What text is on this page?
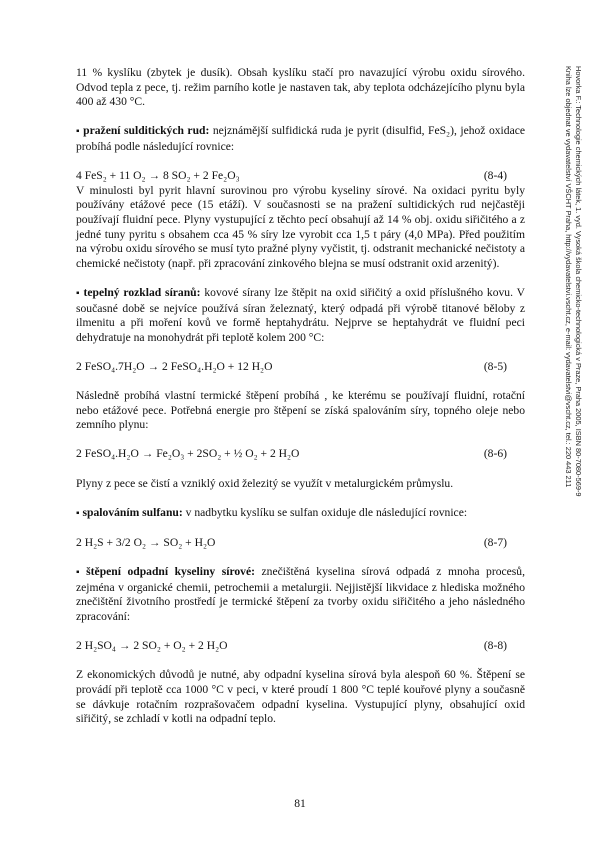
11 % kyslíku (zbytek je dusík). Obsah kyslíku stačí pro navazující výrobu oxidu sírového. Odvod tepla z pece, tj. režim parního kotle je nastaven tak, aby teplota odcházejícího plynu byla 400 až 430 °C.

▪ pražení sulditických rud: nejznámější sulfidická ruda je pyrit (disulfid, FeS₂), jehož oxidace probíhá podle následující rovnice:

4 FeS₂ + 11 O₂ → 8 SO₂ + 2 Fe₂O₃	(8-4)

V minulosti byl pyrit hlavní surovinou pro výrobu kyseliny sírové. Na oxidaci pyritu byly používány etážové pece (15 etáží). V současnosti se na pražení sultidických rud nejčastěji používají fluidní pece. Plyny vystupující z těchto pecí obsahují až 14 % obj. oxidu siřičitého a z jedné tuny pyritu s obsahem cca 45 % síry lze vyrobit cca 1,5 t páry (4,0 MPa). Před použitím na výrobu oxidu sírového se musí tyto pražné plyny vyčistit, tj. odstranit mechanické nečistoty a chemické nečistoty (např. při zpracování zinkového blejna se musí odstranit oxid arzenitý).

▪ tepelný rozklad síranů: kovové sírany lze štěpit na oxid siřičitý a oxid příslušného kovu. V současné době se nejvíce používá síran železnatý, který odpadá při výrobě titanové běloby z ilmenitu a při moření kovů ve formě heptahydrátu. Nejprve se heptahydrát ve fluidní peci dehydratuje na monohydrát při teplotě kolem 200 °C:

2 FeSO₄.7H₂O → 2 FeSO₄.H₂O + 12 H₂O	(8-5)

Následně probíhá vlastní termické štěpení probíhá , ke kterému se používají fluidní, rotační nebo etážové pece. Potřebná energie pro štěpení se získá spalováním síry, topného oleje nebo zemního plynu:

2 FeSO₄.H₂O → Fe₂O₃ + 2SO₂ + ½ O₂ + 2 H₂O	(8-6)

Plyny z pece se čistí a vzniklý oxid železitý se využít v metalurgickém průmyslu.

▪ spalováním sulfanu: v nadbytku kyslíku se sulfan oxiduje dle následující rovnice:

2 H₂S + 3/2 O₂ → SO₂ + H₂O	(8-7)

▪ štěpení odpadní kyseliny sírové: znečištěná kyselina sírová odpadá z mnoha procesů, zejména v organické chemii, petrochemii a metalurgii. Nejjistější likvidace z hlediska možného znečištění životního prostředí je termické štěpení za tvorby oxidu siřičitého a jeho následného zpracování:

2 H₂SO₄ → 2 SO₂ + O₂ + 2 H₂O	(8-8)

Z ekonomických důvodů je nutné, aby odpadní kyselina sírová byla alespoň 60 %. Štěpení se provádí při teplotě cca 1000 °C v peci, v které proudí 1 800 °C teplé kouřové plyny a současně se dávkuje rotačním rozprašovačem odpadní kyselina. Vystupující plyny, obsahující oxid siřičitý, se zchladí v kotli na odpadní teplo.

Hovorka F.: Technologie chemických látek, 1. vyd. Vysoká škola chemicko-technologická v Praze, Praha 2005, ISBN 80-7080-569-9
Kniha lze objednat ve vydavatelství VŠCHT Praha, http://vydavatelstvi.vscht.cz, e-mail: vydavatelstvi@vscht.cz, tel.: 220 443 211
81
